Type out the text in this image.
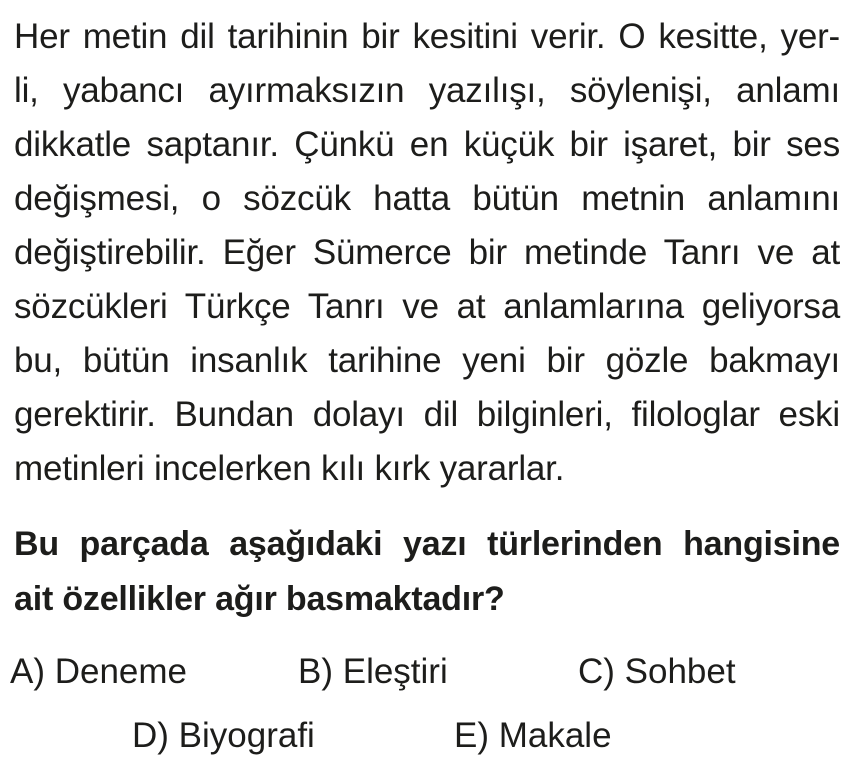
Her metin dil tarihinin bir kesitini verir. O kesitte, yer-
li, yabancı ayırmaksızın yazılışı, söylenişi, anlamı
dikkatle saptanır. Çünkü en küçük bir işaret, bir ses
değişmesi, o sözcük hatta bütün metnin anlamını
değiştirebilir. Eğer Sümerce bir metinde Tanrı ve at
sözcükleri Türkçe Tanrı ve at anlamlarına geliyorsa
bu, bütün insanlık tarihine yeni bir gözle bakmayı
gerektirir. Bundan dolayı dil bilginleri, filologlar eski
metinleri incelerken kılı kırk yararlar.
Bu parçada aşağıdaki yazı türlerinden hangisine
ait özellikler ağır basmaktadır?
A) Deneme	B) Eleştiri	C) Sohbet
D) Biyografi	E) Makale
